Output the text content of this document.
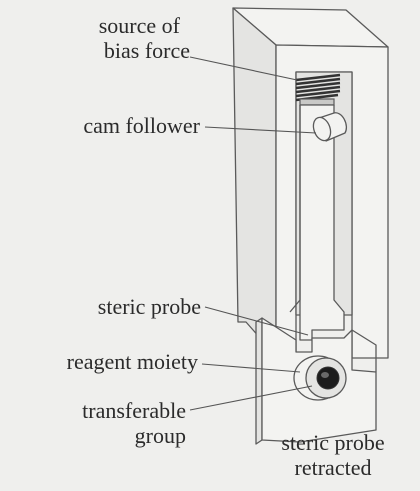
source of
bias force
cam follower
steric probe
reagent moiety
transferable
group	steric probe
retracted
